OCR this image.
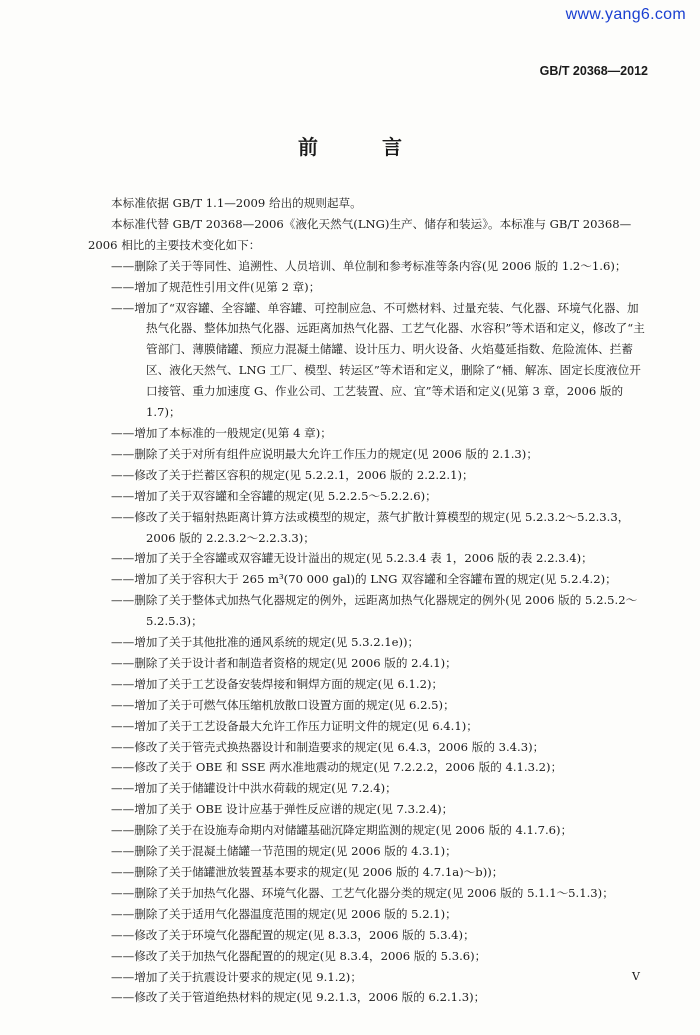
www.yang6.com
GB/T 20368—2012
前　言

本标准依据 GB/T 1.1—2009 给出的规则起草。

本标准代替 GB/T 20368—2006《液化天然气(LNG)生产、储存和装运》。本标准与 GB/T 20368—2006 相比的主要技术变化如下：

——删除了关于等同性、追溯性、人员培训、单位制和参考标准等条内容(见 2006 版的 1.2～1.6)；

——增加了规范性引用文件(见第 2 章)；

——增加了“双容罐、全容罐、单容罐、可控制应急、不可燃材料、过量充装、气化器、环境气化器、加热气化器、整体加热气化器、远距离加热气化器、工艺气化器、水容积”等术语和定义，修改了“主管部门、薄膜储罐、预应力混凝土储罐、设计压力、明火设备、火焰蔓延指数、危险流体、拦蓄区、液化天然气、LNG 工厂、模型、转运区”等术语和定义，删除了“桶、解冻、固定长度液位开口接管、重力加速度 G、作业公司、工艺装置、应、宜”等术语和定义(见第 3 章，2006 版的 1.7)；

——增加了本标准的一般规定(见第 4 章)；

——删除了关于对所有组件应说明最大允许工作压力的规定(见 2006 版的 2.1.3)；

——修改了关于拦蓄区容积的规定(见 5.2.2.1，2006 版的 2.2.2.1)；

——增加了关于双容罐和全容罐的规定(见 5.2.2.5～5.2.2.6)；

——修改了关于辐射热距离计算方法或模型的规定，蒸气扩散计算模型的规定(见 5.2.3.2～5.2.3.3，2006 版的 2.2.3.2～2.2.3.3)；

——增加了关于全容罐或双容罐无设计溢出的规定(见 5.2.3.4 表 1，2006 版的表 2.2.3.4)；

——增加了关于容积大于 265 m³(70 000 gal)的 LNG 双容罐和全容罐布置的规定(见 5.2.4.2)；

——删除了关于整体式加热气化器规定的例外，远距离加热气化器规定的例外(见 2006 版的 5.2.5.2～5.2.5.3)；

——增加了关于其他批准的通风系统的规定(见 5.3.2.1e))；

——删除了关于设计者和制造者资格的规定(见 2006 版的 2.4.1)；

——增加了关于工艺设备安装焊接和铜焊方面的规定(见 6.1.2)；

——增加了关于可燃气体压缩机放散口设置方面的规定(见 6.2.5)；

——增加了关于工艺设备最大允许工作压力证明文件的规定(见 6.4.1)；

——修改了关于管壳式换热器设计和制造要求的规定(见 6.4.3，2006 版的 3.4.3)；

——修改了关于 OBE 和 SSE 两水准地震动的规定(见 7.2.2.2，2006 版的 4.1.3.2)；

——增加了关于储罐设计中洪水荷载的规定(见 7.2.4)；

——增加了关于 OBE 设计应基于弹性反应谱的规定(见 7.3.2.4)；

——删除了关于在设施寿命期内对储罐基础沉降定期监测的规定(见 2006 版的 4.1.7.6)；

——删除了关于混凝土储罐一节范围的规定(见 2006 版的 4.3.1)；

——删除了关于储罐泄放装置基本要求的规定(见 2006 版的 4.7.1a)～b))；

——删除了关于加热气化器、环境气化器、工艺气化器分类的规定(见 2006 版的 5.1.1～5.1.3)；

——删除了关于适用气化器温度范围的规定(见 2006 版的 5.2.1)；

——修改了关于环境气化器配置的规定(见 8.3.3，2006 版的 5.3.4)；

——修改了关于加热气化器配置的的规定(见 8.3.4，2006 版的 5.3.6)；

——增加了关于抗震设计要求的规定(见 9.1.2)；

——修改了关于管道绝热材料的规定(见 9.2.1.3，2006 版的 6.2.1.3)；

V
